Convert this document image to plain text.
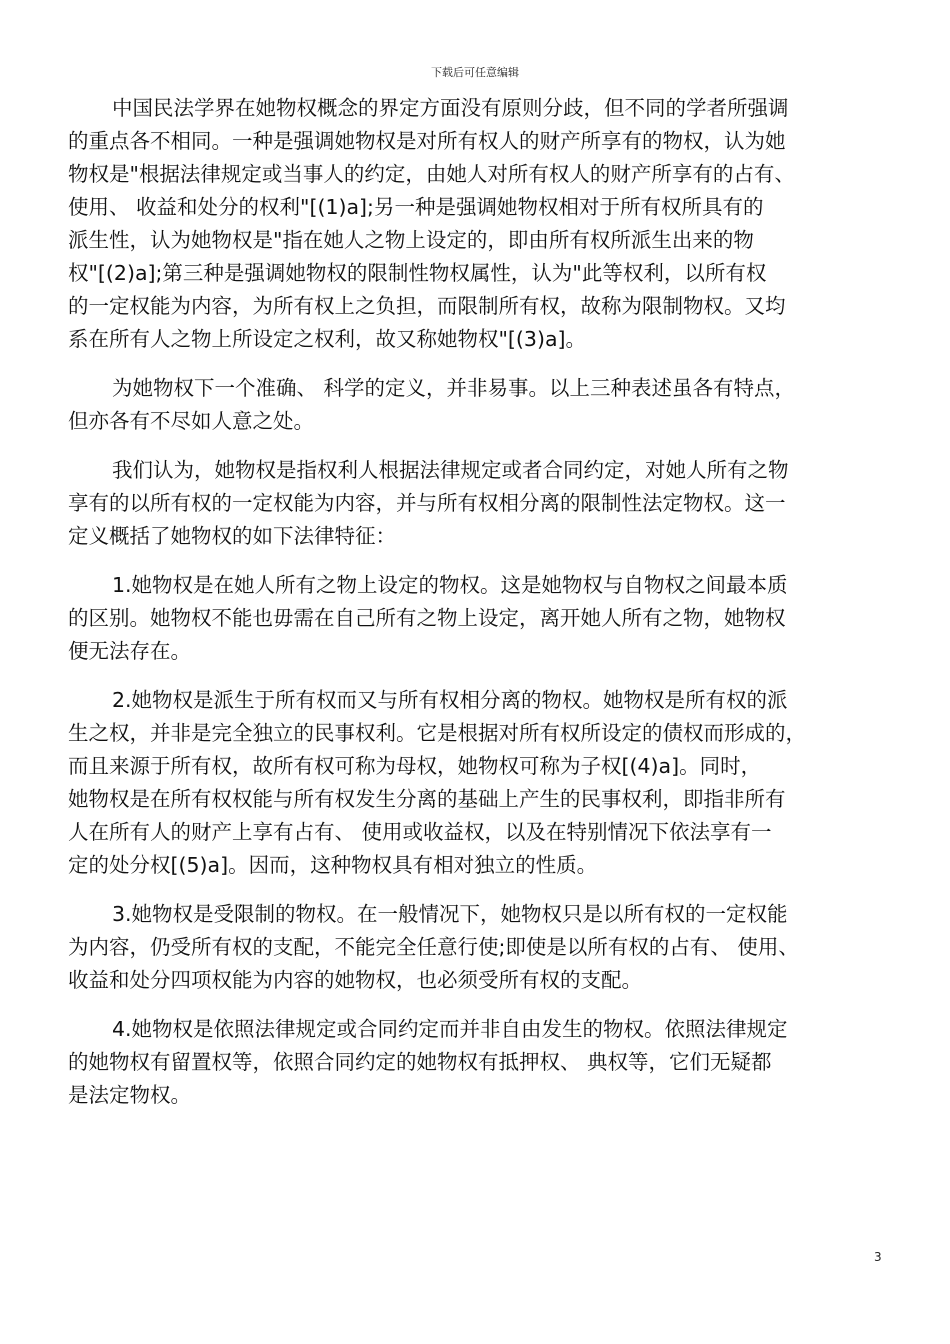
下载后可任意编辑

中国民法学界在她物权概念的界定方面没有原则分歧，但不同的学者所强调
的重点各不相同。一种是强调她物权是对所有权人的财产所享有的物权，认为她
物权是"根据法律规定或当事人的约定，由她人对所有权人的财产所享有的占有、
使用、 收益和处分的权利"[(1)a];另一种是强调她物权相对于所有权所具有的
派生性，认为她物权是"指在她人之物上设定的，即由所有权所派生出来的物
权"[(2)a];第三种是强调她物权的限制性物权属性，认为"此等权利，以所有权
的一定权能为内容，为所有权上之负担，而限制所有权，故称为限制物权。又均
系在所有人之物上所设定之权利，故又称她物权"[(3)a]。

为她物权下一个准确、 科学的定义，并非易事。以上三种表述虽各有特点，
但亦各有不尽如人意之处。

我们认为，她物权是指权利人根据法律规定或者合同约定，对她人所有之物
享有的以所有权的一定权能为内容，并与所有权相分离的限制性法定物权。这一
定义概括了她物权的如下法律特征：

1.她物权是在她人所有之物上设定的物权。这是她物权与自物权之间最本质
的区别。她物权不能也毋需在自己所有之物上设定，离开她人所有之物，她物权
便无法存在。

2.她物权是派生于所有权而又与所有权相分离的物权。她物权是所有权的派
生之权，并非是完全独立的民事权利。它是根据对所有权所设定的债权而形成的，
而且来源于所有权，故所有权可称为母权，她物权可称为子权[(4)a]。同时，
她物权是在所有权权能与所有权发生分离的基础上产生的民事权利，即指非所有
人在所有人的财产上享有占有、 使用或收益权，以及在特别情况下依法享有一
定的处分权[(5)a]。因而，这种物权具有相对独立的性质。

3.她物权是受限制的物权。在一般情况下，她物权只是以所有权的一定权能
为内容，仍受所有权的支配，不能完全任意行使;即使是以所有权的占有、 使用、
收益和处分四项权能为内容的她物权，也必须受所有权的支配。

4.她物权是依照法律规定或合同约定而并非自由发生的物权。依照法律规定
的她物权有留置权等，依照合同约定的她物权有抵押权、 典权等，它们无疑都
是法定物权。

3
